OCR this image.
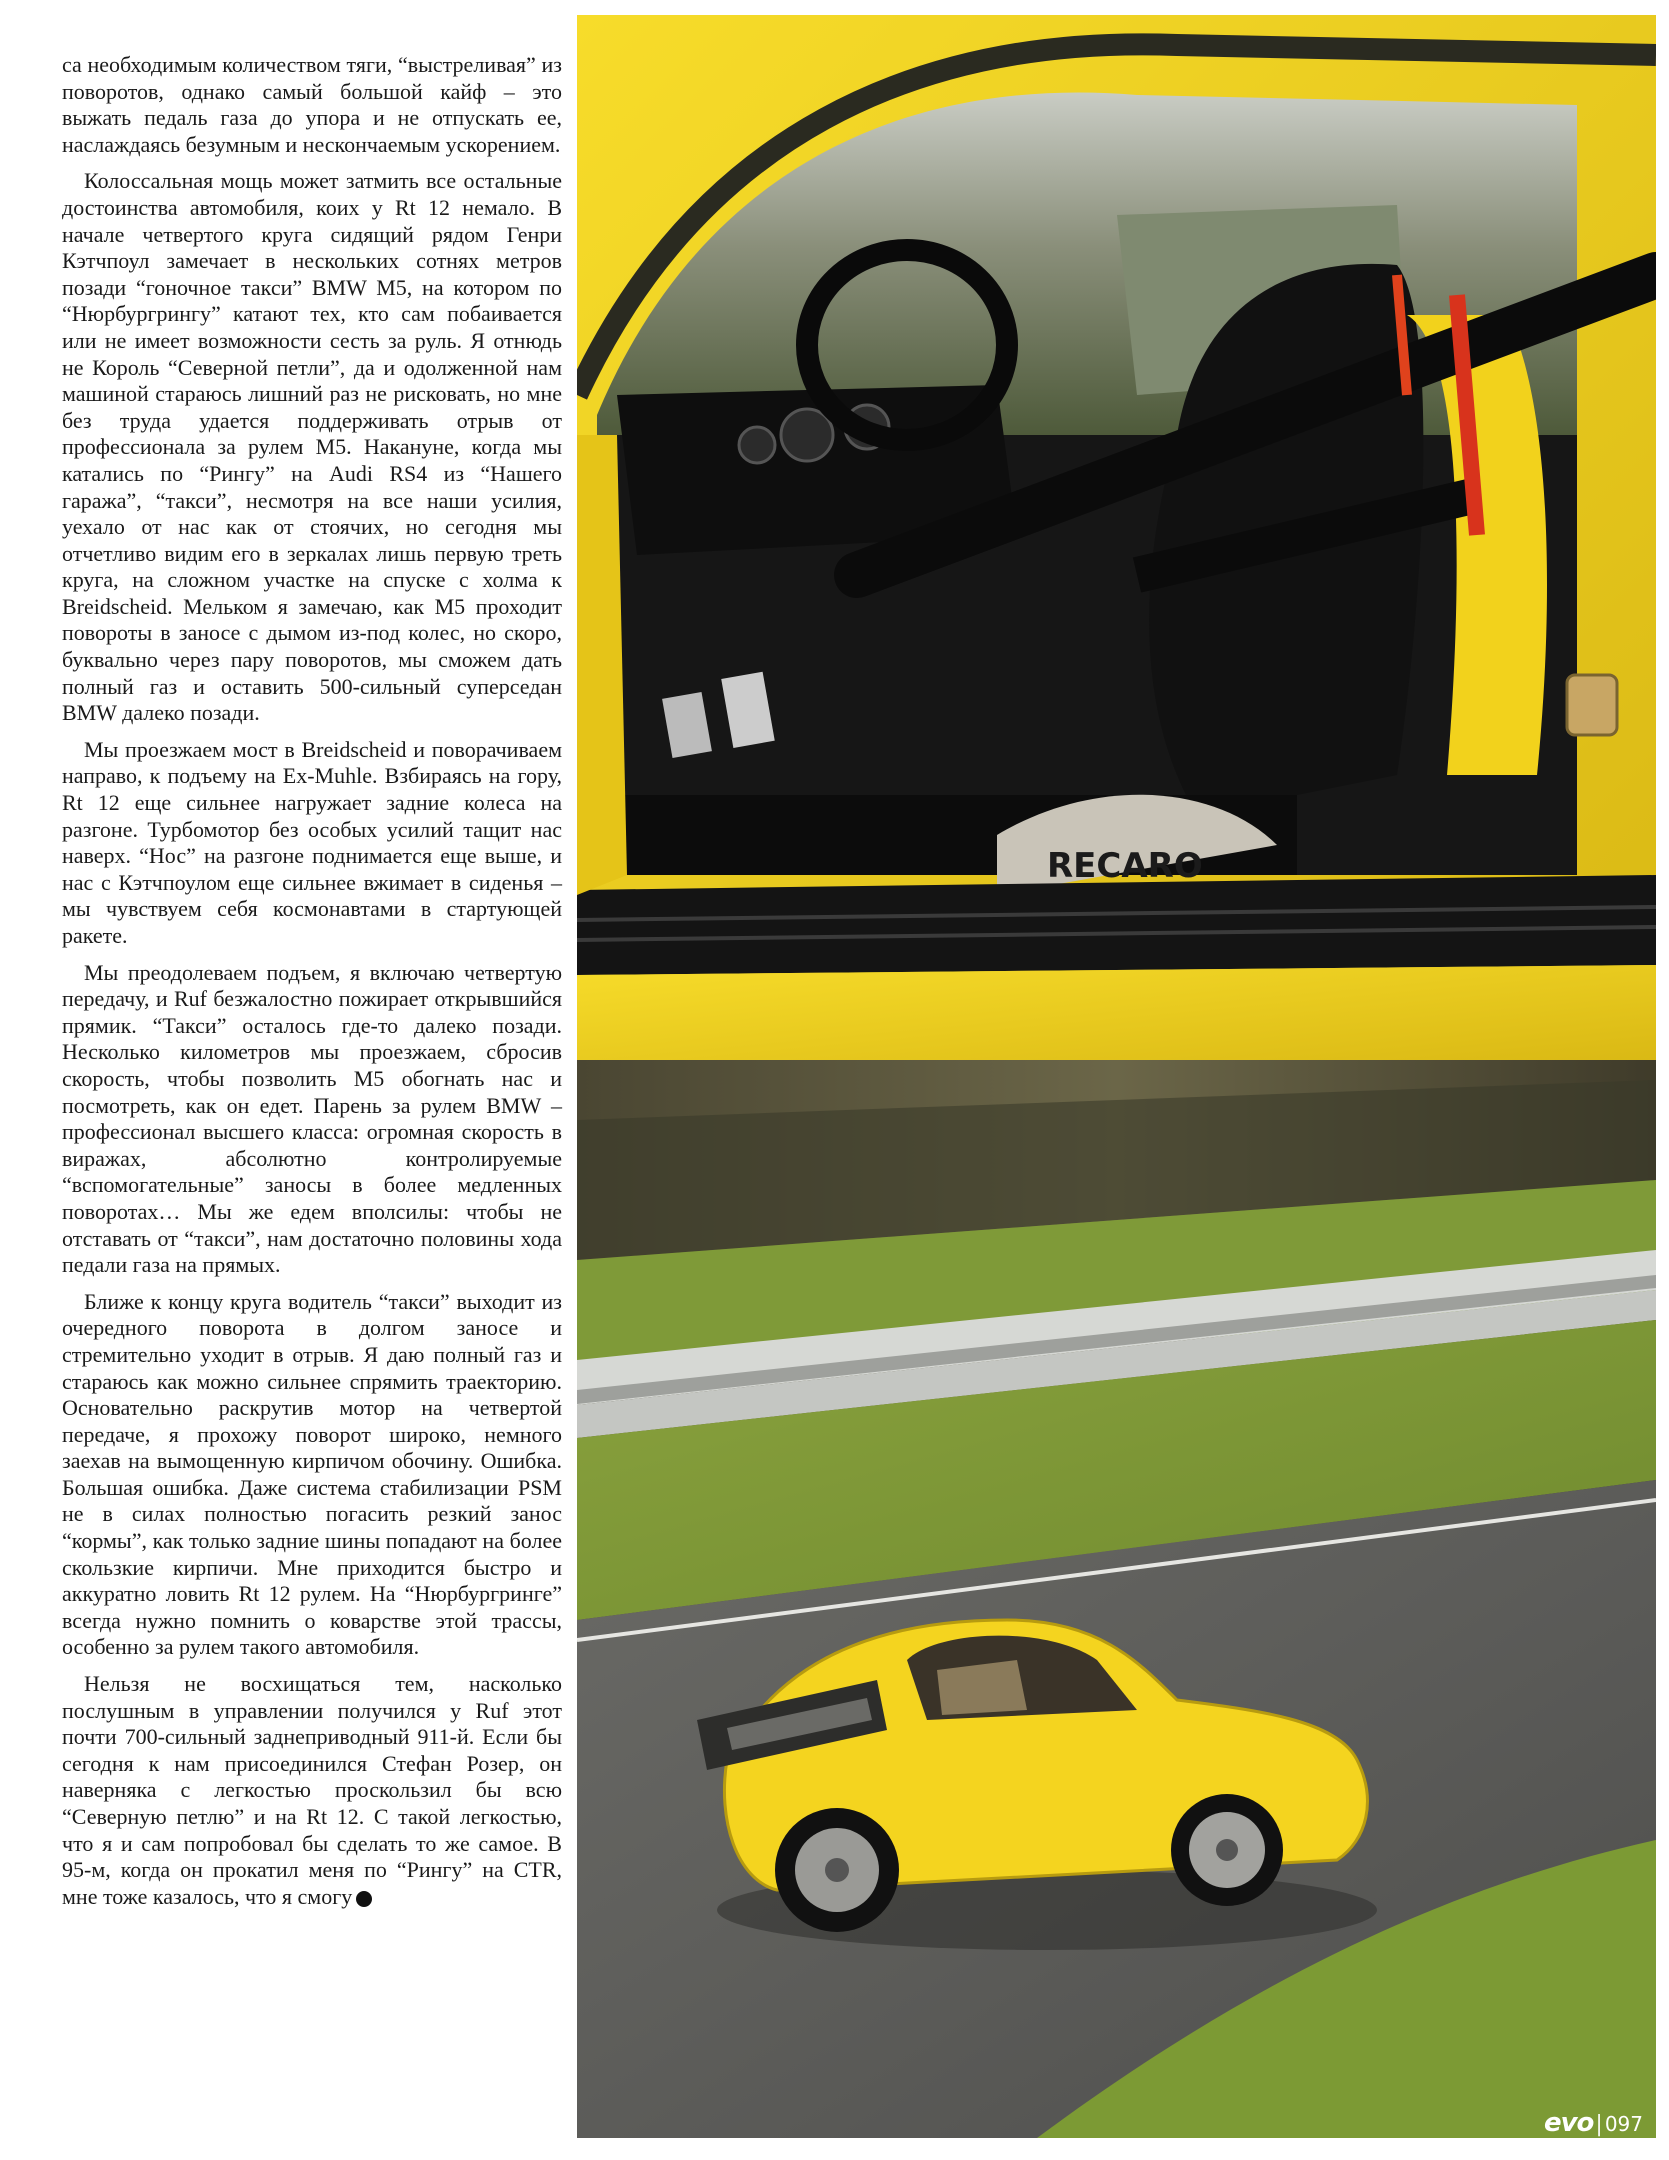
са необходимым количеством тяги, “выстреливая” из поворотов, однако самый большой кайф – это выжать педаль газа до упора и не отпускать ее, наслаждаясь безумным и нескончаемым ускорением.

Колоссальная мощь может затмить все остальные достоинства автомобиля, коих у Rt 12 немало. В начале четвертого круга сидящий рядом Генри Кэтчпоул замечает в нескольких сотнях метров позади “гоночное такси” BMW M5, на котором по “Нюрбургрингу” катают тех, кто сам побаивается или не имеет возможности сесть за руль. Я отнюдь не Король “Северной петли”, да и одолженной нам машиной стараюсь лишний раз не рисковать, но мне без труда удается поддерживать отрыв от профессионала за рулем M5. Накануне, когда мы катались по “Рингу” на Audi RS4 из “Нашего гаража”, “такси”, несмотря на все наши усилия, уехало от нас как от стоячих, но сегодня мы отчетливо видим его в зеркалах лишь первую треть круга, на сложном участке на спуске с холма к Breidscheid. Мельком я замечаю, как M5 проходит повороты в заносе с дымом из-под колес, но скоро, буквально через пару поворотов, мы сможем дать полный газ и оставить 500-сильный суперседан BMW далеко позади.

Мы проезжаем мост в Breidscheid и поворачиваем направо, к подъему на Ex-Muhle. Взбираясь на гору, Rt 12 еще сильнее нагружает задние колеса на разгоне. Турбомотор без особых усилий тащит нас наверх. “Нос” на разгоне поднимается еще выше, и нас с Кэтчпоулом еще сильнее вжимает в сиденья – мы чувствуем себя космонавтами в стартующей ракете.

Мы преодолеваем подъем, я включаю четвертую передачу, и Ruf безжалостно пожирает открывшийся прямик. “Такси” осталось где-то далеко позади. Несколько километров мы проезжаем, сбросив скорость, чтобы позволить M5 обогнать нас и посмотреть, как он едет. Парень за рулем BMW – профессионал высшего класса: огромная скорость в виражах, абсолютно контролируемые “вспомогательные” заносы в более медленных поворотах… Мы же едем вполсилы: чтобы не отставать от “такси”, нам достаточно половины хода педали газа на прямых.

Ближе к концу круга водитель “такси” выходит из очередного поворота в долгом заносе и стремительно уходит в отрыв. Я даю полный газ и стараюсь как можно сильнее спрямить траекторию. Основательно раскрутив мотор на четвертой передаче, я прохожу поворот широко, немного заехав на вымощенную кирпичом обочину. Ошибка. Большая ошибка. Даже система стабилизации PSM не в силах полностью погасить резкий занос “кормы”, как только задние шины попадают на более скользкие кирпичи. Мне приходится быстро и аккуратно ловить Rt 12 рулем. На “Нюрбургринге” всегда нужно помнить о коварстве этой трассы, особенно за рулем такого автомобиля.

Нельзя не восхищаться тем, насколько послушным в управлении получился у Ruf этот почти 700-сильный заднеприводный 911-й. Если бы сегодня к нам присоединился Стефан Розер, он наверняка с легкостью проскользил бы всю “Северную петлю” и на Rt 12. С такой легкостью, что я и сам попробовал бы сделать то же самое. В 95-м, когда он прокатил меня по “Рингу” на CTR, мне тоже казалось, что я смогу ➔

RECARO
evo| 097
